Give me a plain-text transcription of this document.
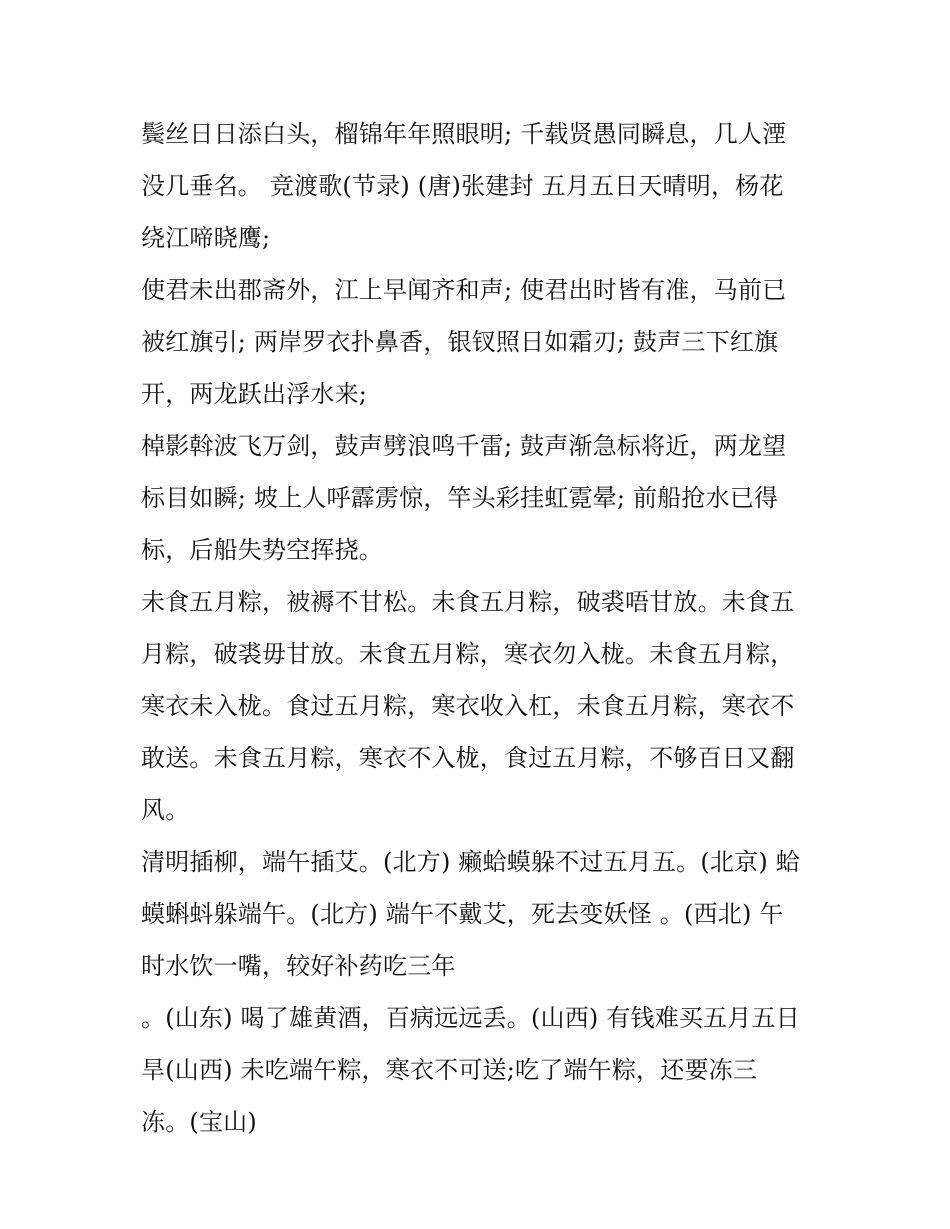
鬓丝日日添白头，榴锦年年照眼明; 千载贤愚同瞬息，几人湮
没几垂名。 竞渡歌(节录) (唐)张建封 五月五日天晴明，杨花
绕江啼晓鹰;
使君未出郡斋外，江上早闻齐和声; 使君出时皆有准，马前已
被红旗引; 两岸罗衣扑鼻香，银钗照日如霜刃; 鼓声三下红旗
开，两龙跃出浮水来;
棹影斡波飞万剑，鼓声劈浪鸣千雷; 鼓声渐急标将近，两龙望
标目如瞬; 坡上人呼霹雳惊，竿头彩挂虹霓晕; 前船抢水已得
标，后船失势空挥挠。
未食五月粽，被褥不甘松。未食五月粽，破裘唔甘放。未食五
月粽，破裘毋甘放。未食五月粽，寒衣勿入栊。未食五月粽，
寒衣未入栊。食过五月粽，寒衣收入杠，未食五月粽，寒衣不
敢送。未食五月粽，寒衣不入栊，食过五月粽，不够百日又翻
风。
清明插柳，端午插艾。(北方) 癞蛤蟆躲不过五月五。(北京) 蛤
蟆蝌蚪躲端午。(北方) 端午不戴艾，死去变妖怪 。(西北) 午
时水饮一嘴，较好补药吃三年
。(山东) 喝了雄黄酒，百病远远丢。(山西) 有钱难买五月五日
旱(山西) 未吃端午粽，寒衣不可送;吃了端午粽，还要冻三
冻。(宝山)
